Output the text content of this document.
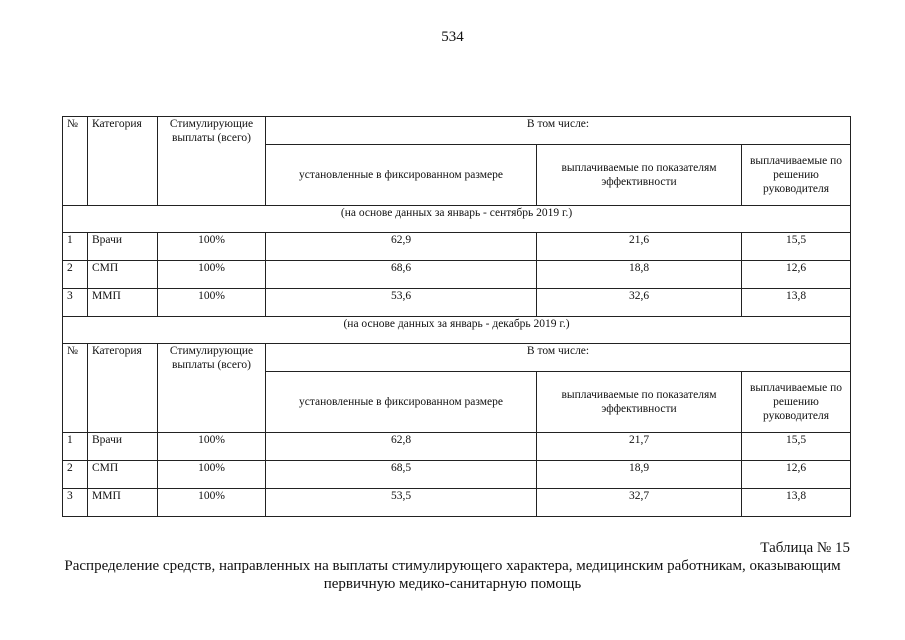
534
№	Категория	Стимулирующие выплаты (всего)	В том числе:		
			установленные в фиксированном размере	выплачиваемые по показателям эффективности	выплачиваемые по решению руководителя
(на основе данных за январь - сентябрь 2019 г.)					
1	Врачи	100%	62,9	21,6	15,5
2	СМП	100%	68,6	18,8	12,6
3	ММП	100%	53,6	32,6	13,8
(на основе данных за январь - декабрь 2019 г.)					
№	Категория	Стимулирующие выплаты (всего)	В том числе:		
			установленные в фиксированном размере	выплачиваемые по показателям эффективности	выплачиваемые по решению руководителя
1	Врачи	100%	62,8	21,7	15,5
2	СМП	100%	68,5	18,9	12,6
3	ММП	100%	53,5	32,7	13,8
Таблица № 15
Распределение средств, направленных на выплаты стимулирующего характера, медицинским работникам, оказывающим
первичную медико-санитарную помощь
